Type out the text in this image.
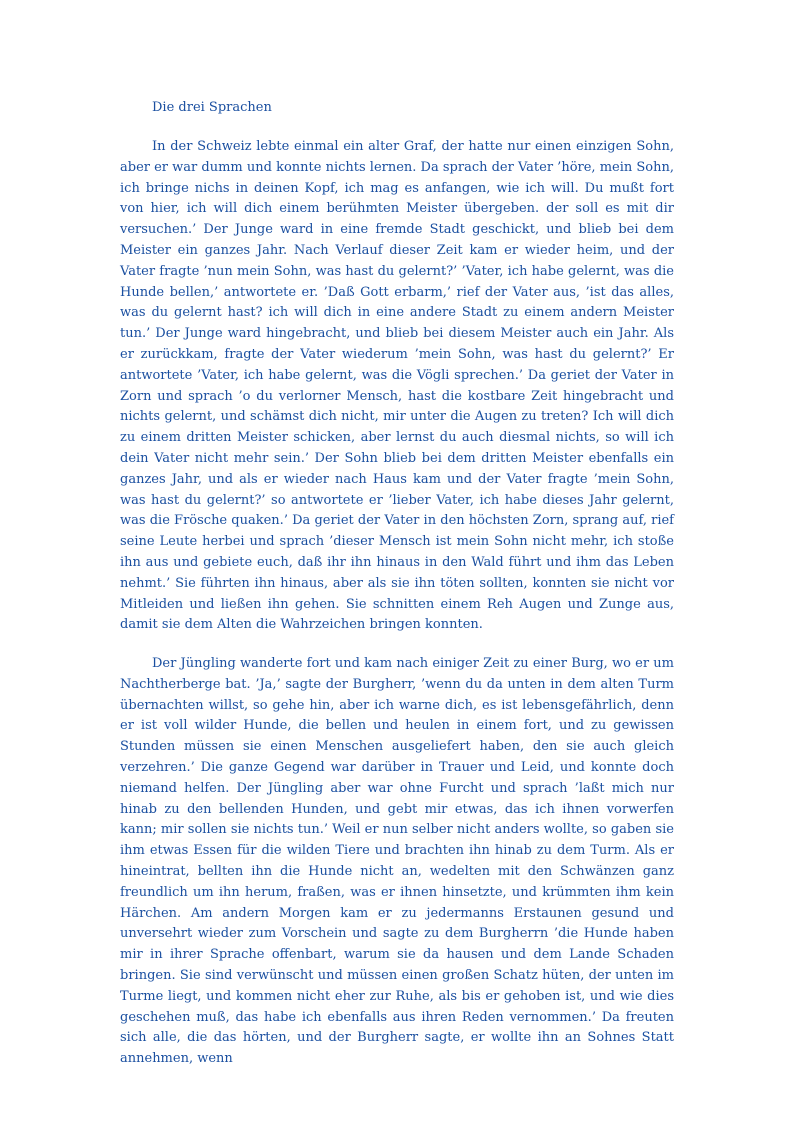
Die drei Sprachen

In der Schweiz lebte einmal ein alter Graf, der hatte nur einen einzigen Sohn, aber er war dumm und konnte nichts lernen. Da sprach der Vater ’höre, mein Sohn, ich bringe nichs in deinen Kopf, ich mag es anfangen, wie ich will. Du mußt fort von hier, ich will dich einem berühmten Meister übergeben. der soll es mit dir versuchen.’ Der Junge ward in eine fremde Stadt geschickt, und blieb bei dem Meister ein ganzes Jahr. Nach Verlauf dieser Zeit kam er wieder heim, und der Vater fragte ’nun mein Sohn, was hast du gelernt?’ ’Vater, ich habe gelernt, was die Hunde bellen,’ antwortete er. ’Daß Gott erbarm,’ rief der Vater aus, ’ist das alles, was du gelernt hast? ich will dich in eine andere Stadt zu einem andern Meister tun.’ Der Junge ward hingebracht, und blieb bei diesem Meister auch ein Jahr. Als er zurückkam, fragte der Vater wiederum ’mein Sohn, was hast du gelernt?’ Er antwortete ’Vater, ich habe gelernt, was die Vögli sprechen.’ Da geriet der Vater in Zorn und sprach ’o du verlorner Mensch, hast die kostbare Zeit hingebracht und nichts gelernt, und schämst dich nicht, mir unter die Augen zu treten? Ich will dich zu einem dritten Meister schicken, aber lernst du auch diesmal nichts, so will ich dein Vater nicht mehr sein.’ Der Sohn blieb bei dem dritten Meister ebenfalls ein ganzes Jahr, und als er wieder nach Haus kam und der Vater fragte ’mein Sohn, was hast du gelernt?’ so antwortete er ’lieber Vater, ich habe dieses Jahr gelernt, was die Frösche quaken.’ Da geriet der Vater in den höchsten Zorn, sprang auf, rief seine Leute herbei und sprach ’dieser Mensch ist mein Sohn nicht mehr, ich stoße ihn aus und gebiete euch, daß ihr ihn hinaus in den Wald führt und ihm das Leben nehmt.’ Sie führten ihn hinaus, aber als sie ihn töten sollten, konnten sie nicht vor Mitleiden und ließen ihn gehen. Sie schnitten einem Reh Augen und Zunge aus, damit sie dem Alten die Wahrzeichen bringen konnten.

Der Jüngling wanderte fort und kam nach einiger Zeit zu einer Burg, wo er um Nachtherberge bat. ’Ja,’ sagte der Burgherr, ’wenn du da unten in dem alten Turm übernachten willst, so gehe hin, aber ich warne dich, es ist lebensgefährlich, denn er ist voll wilder Hunde, die bellen und heulen in einem fort, und zu gewissen Stunden müssen sie einen Menschen ausgeliefert haben, den sie auch gleich verzehren.’ Die ganze Gegend war darüber in Trauer und Leid, und konnte doch niemand helfen. Der Jüngling aber war ohne Furcht und sprach ’laßt mich nur hinab zu den bellenden Hunden, und gebt mir etwas, das ich ihnen vorwerfen kann; mir sollen sie nichts tun.’ Weil er nun selber nicht anders wollte, so gaben sie ihm etwas Essen für die wilden Tiere und brachten ihn hinab zu dem Turm. Als er hineintrat, bellten ihn die Hunde nicht an, wedelten mit den Schwänzen ganz freundlich um ihn herum, fraßen, was er ihnen hinsetzte, und krümmten ihm kein Härchen. Am andern Morgen kam er zu jedermanns Erstaunen gesund und unversehrt wieder zum Vorschein und sagte zu dem Burgherrn ’die Hunde haben mir in ihrer Sprache offenbart, warum sie da hausen und dem Lande Schaden bringen. Sie sind verwünscht und müssen einen großen Schatz hüten, der unten im Turme liegt, und kommen nicht eher zur Ruhe, als bis er gehoben ist, und wie dies geschehen muß, das habe ich ebenfalls aus ihren Reden vernommen.’ Da freuten sich alle, die das hörten, und der Burgherr sagte, er wollte ihn an Sohnes Statt annehmen, wenn
